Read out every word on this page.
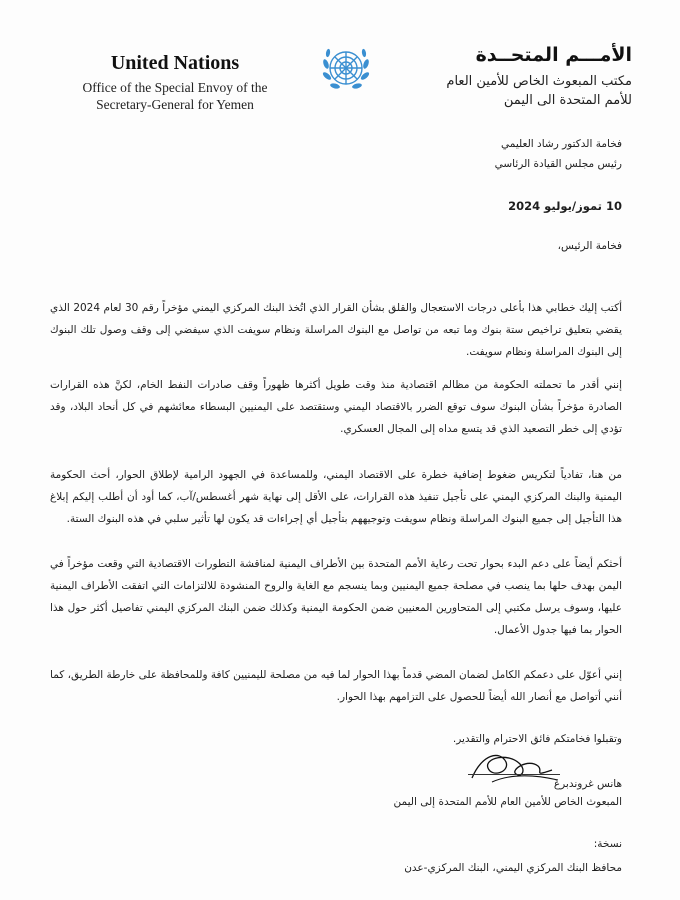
United Nations
Office of the Special Envoy of the
Secretary-General for Yemen
الأمـــم المتحــدة
مكتب المبعوث الخاص للأمين العام
للأمم المتحدة الى اليمن
فخامة الدكتور رشاد العليمي
رئيس مجلس القيادة الرئاسي
10 تموز/يوليو 2024
فخامة الرئيس،
أكتب إليك خطابي هذا بأعلى درجات الاستعجال والقلق بشأن القرار الذي اتُخذ البنك المركزي اليمني مؤخراً رقم 30 لعام 2024 الذي يقضي بتعليق تراخيص ستة بنوك وما تبعه من تواصل مع البنوك المراسلة ونظام سويفت الذي سيفضي إلى وقف وصول تلك البنوك إلى البنوك المراسلة ونظام سويفت.
إنني أقدر ما تحملته الحكومة من مظالم اقتصادية منذ وقت طويل أكثرها ظهوراً وقف صادرات النفط الخام، لكنَّ هذه القرارات الصادرة مؤخراً بشأن البنوك سوف توقع الضرر بالاقتصاد اليمني وستقتصد على اليمنيين البسطاء معائشهم في كل أنحاد البلاد، وقد تؤدي إلى خطر التصعيد الذي قد يتسع مداه إلى المجال العسكري.
من هنا، تفادياً لتكريس ضغوط إضافية خطرة على الاقتصاد اليمني، وللمساعدة في الجهود الرامية لإطلاق الحوار، أحث الحكومة اليمنية والبنك المركزي اليمني على تأجيل تنفيذ هذه القرارات، على الأقل إلى نهاية شهر أغسطس/آب، كما أود أن أطلب إليكم إبلاغ هذا التأجيل إلى جميع البنوك المراسلة ونظام سويفت وتوجيههم بتأجيل أي إجراءات قد يكون لها تأثير سلبي في هذه البنوك الستة.
أحثكم أيضاً على دعم البدء بحوار تحت رعاية الأمم المتحدة بين الأطراف اليمنية لمناقشة التطورات الاقتصادية التي وقعت مؤخراً في اليمن بهدف حلها بما ينصب في مصلحة جميع اليمنيين وبما ينسجم مع الغاية والروح المنشودة للالتزامات التي اتفقت الأطراف اليمنية عليها، وسوف يرسل مكتبي إلى المتحاورين المعنيين ضمن الحكومة اليمنية وكذلك ضمن البنك المركزي اليمني تفاصيل أكثر حول هذا الحوار بما فيها جدول الأعمال.
إنني أعوّل على دعمكم الكامل لضمان المضي قدماً بهذا الحوار لما فيه من مصلحة لليمنيين كافة وللمحافظة على خارطة الطريق، كما أنني أتواصل مع أنصار الله أيضاً للحصول على التزامهم بهذا الحوار.
وتقبلوا فخامتكم فائق الاحترام والتقدير.
هانس غروندبرغ
المبعوث الخاص للأمين العام للأمم المتحدة إلى اليمن
نسخة:
محافظ البنك المركزي اليمني، البنك المركزي-عدن
